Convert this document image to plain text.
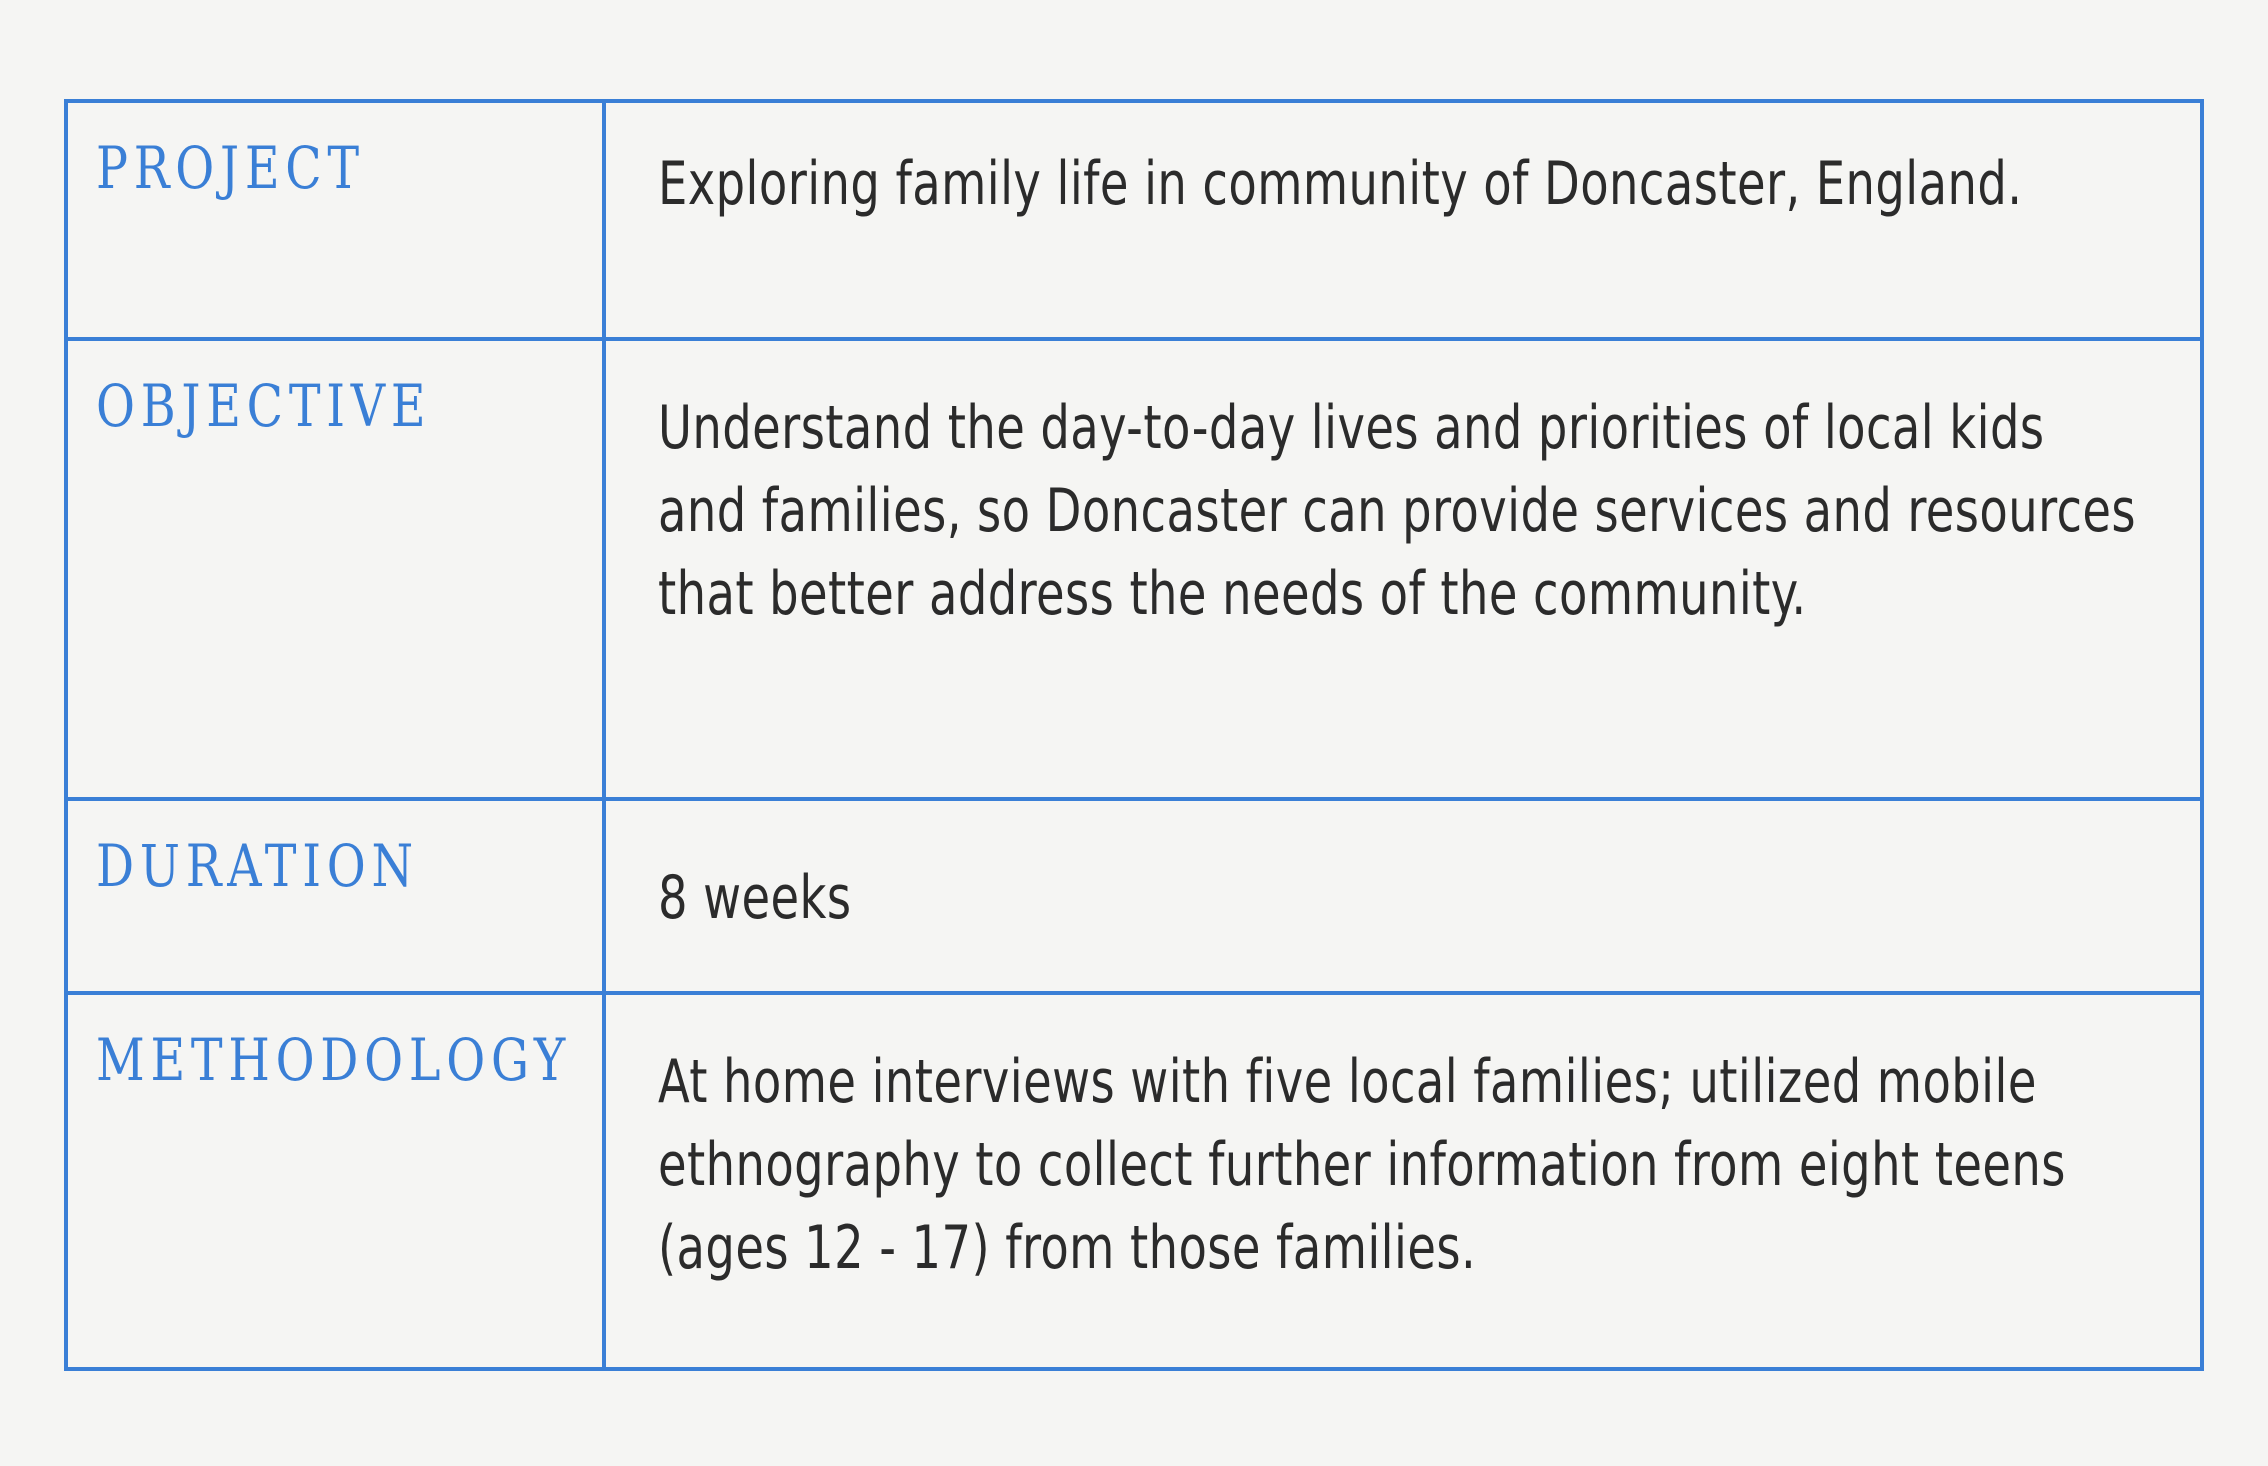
PROJECT	Exploring family life in community of Doncaster, England.
OBJECTIVE	Understand the day-to-day lives and priorities of local kids and families, so Doncaster can provide services and resources that better address the needs of the community.
DURATION	8 weeks
METHODOLOGY At home interviews with five local families; utilized mobile ethnography to collect further information from eight teens (ages 12 - 17) from those families.
